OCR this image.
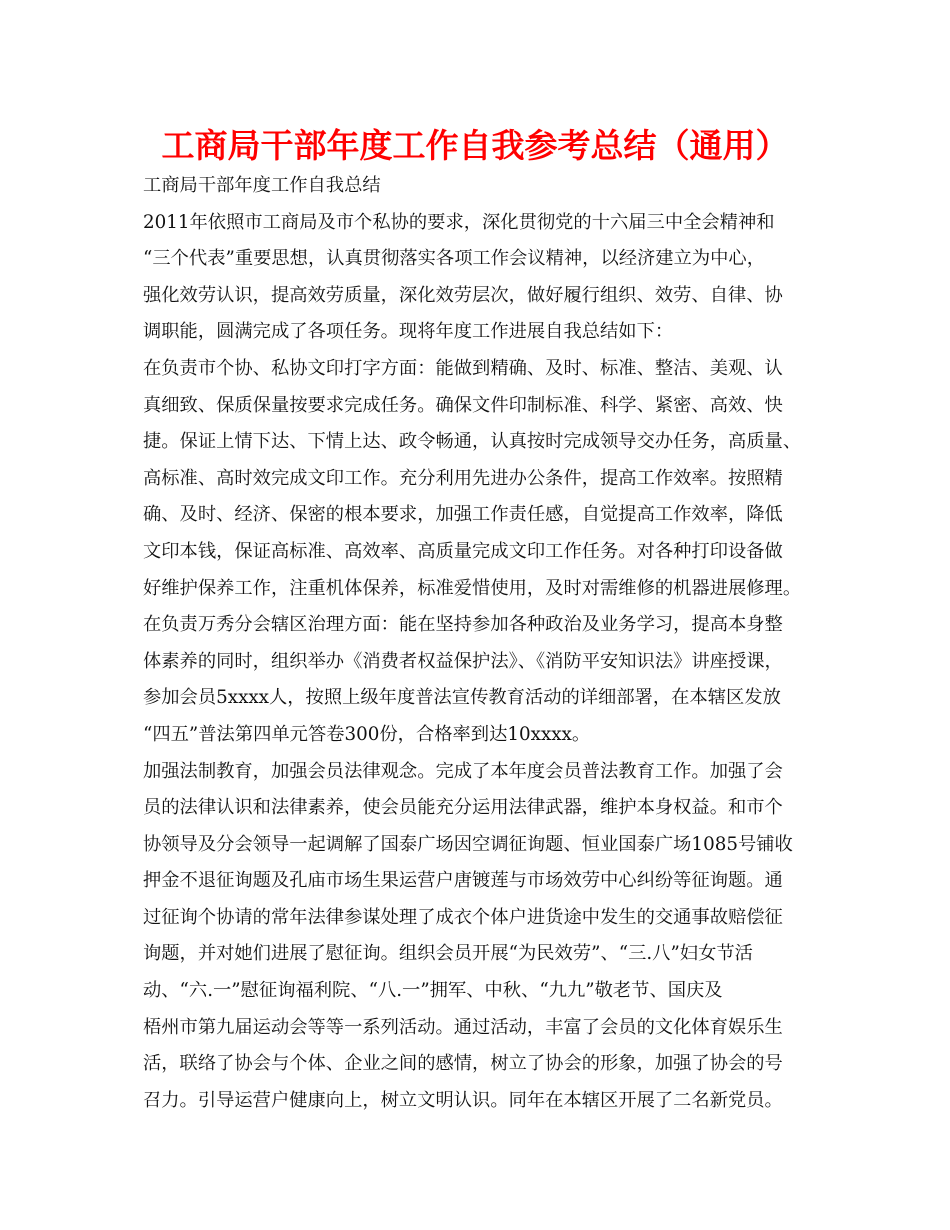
工商局干部年度工作自我参考总结（通用）
工商局干部年度工作自我总结
2011年依照市工商局及市个私协的要求，深化贯彻党的十六届三中全会精神和
“三个代表”重要思想，认真贯彻落实各项工作会议精神，以经济建立为中心，
强化效劳认识，提高效劳质量，深化效劳层次，做好履行组织、效劳、自律、协
调职能，圆满完成了各项任务。现将年度工作进展自我总结如下：
在负责市个协、私协文印打字方面：能做到精确、及时、标准、整洁、美观、认
真细致、保质保量按要求完成任务。确保文件印制标准、科学、紧密、高效、快
捷。保证上情下达、下情上达、政令畅通，认真按时完成领导交办任务，高质量、
高标准、高时效完成文印工作。充分利用先进办公条件，提高工作效率。按照精
确、及时、经济、保密的根本要求，加强工作责任感，自觉提高工作效率，降低
文印本钱，保证高标准、高效率、高质量完成文印工作任务。对各种打印设备做
好维护保养工作，注重机体保养，标准爱惜使用，及时对需维修的机器进展修理。
在负责万秀分会辖区治理方面：能在坚持参加各种政治及业务学习，提高本身整
体素养的同时，组织举办《消费者权益保护法》、《消防平安知识法》讲座授课，
参加会员5xxxx人，按照上级年度普法宣传教育活动的详细部署，在本辖区发放
“四五”普法第四单元答卷300份，合格率到达10xxxx。
加强法制教育，加强会员法律观念。完成了本年度会员普法教育工作。加强了会
员的法律认识和法律素养，使会员能充分运用法律武器，维护本身权益。和市个
协领导及分会领导一起调解了国泰广场因空调征询题、恒业国泰广场1085号铺收
押金不退征询题及孔庙市场生果运营户唐镀莲与市场效劳中心纠纷等征询题。通
过征询个协请的常年法律参谋处理了成衣个体户进货途中发生的交通事故赔偿征
询题，并对她们进展了慰征询。组织会员开展“为民效劳”、“三.八”妇女节活
动、“六.一”慰征询福利院、“八.一”拥军、中秋、“九九”敬老节、国庆及
梧州市第九届运动会等等一系列活动。通过活动，丰富了会员的文化体育娱乐生
活，联络了协会与个体、企业之间的感情，树立了协会的形象，加强了协会的号
召力。引导运营户健康向上，树立文明认识。同年在本辖区开展了二名新党员。
